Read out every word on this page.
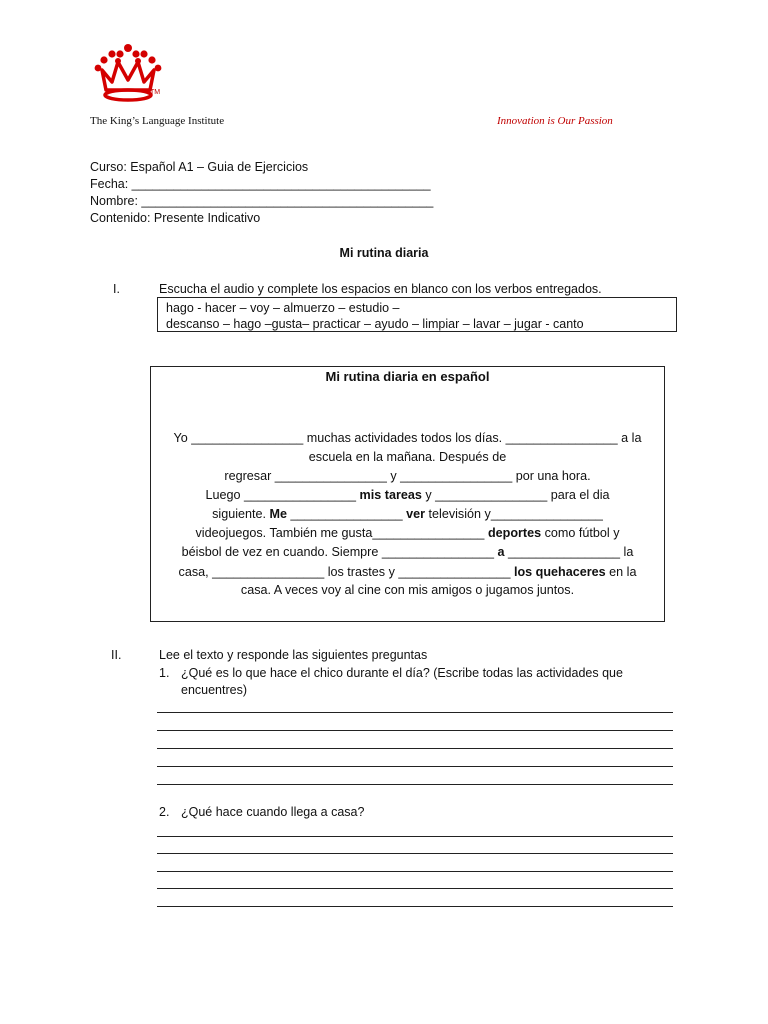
TM
The King’s Language Institute	Innovation is Our Passion
Curso: Español A1 – Guia de Ejercicios
Fecha: ___________________________________________
Nombre: __________________________________________
Contenido: Presente Indicativo
Mi rutina diaria
I.	Escucha el audio y complete los espacios en blanco con los verbos entregados.
hago - hacer – voy – almuerzo – estudio –
descanso – hago –gusta– practicar – ayudo – limpiar – lavar – jugar - canto
Mi rutina diaria en español
Yo ________________ muchas actividades todos los días. ________________ a la
escuela en la mañana. Después de
regresar ________________ y ________________ por una hora.
Luego ________________ mis tareas y ________________ para el dia
siguiente. Me ________________ ver televisión y________________
videojuegos. También me gusta________________ deportes como fútbol y
béisbol de vez en cuando. Siempre ________________ a ________________ la
casa, ________________ los trastes y ________________ los quehaceres en la
casa. A veces voy al cine con mis amigos o jugamos juntos.
II.	Lee el texto y responde las siguientes preguntas
1. ¿Qué es lo que hace el chico durante el día? (Escribe todas las actividades que
encuentres)
2. ¿Qué hace cuando llega a casa?
